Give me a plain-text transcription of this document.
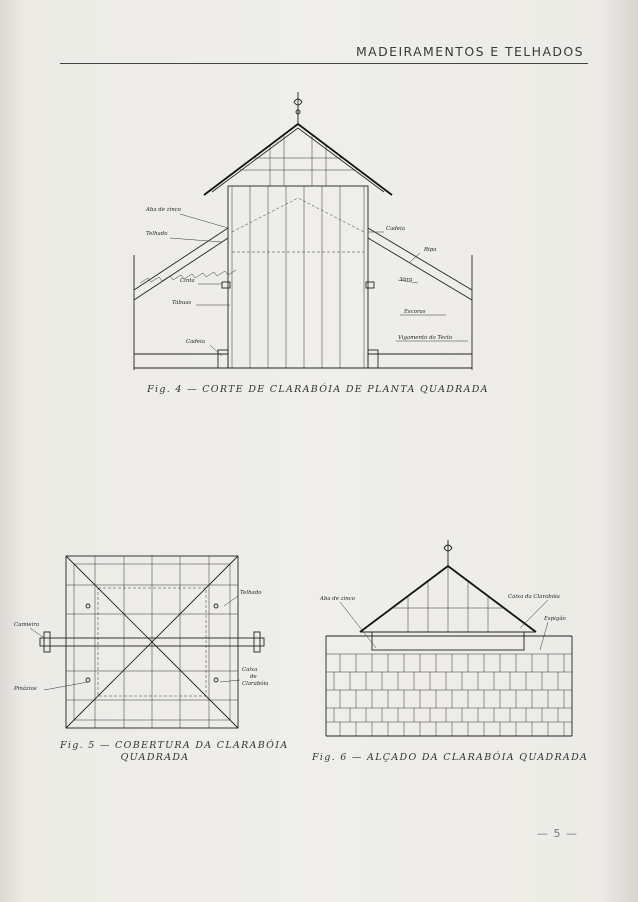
MADEIRAMENTOS E TELHADOS
Aba de zinco
Telhado
Cinta
Tábuas
Cadeia
Cadeia
Ripa
Vara
Escoras
Vigamento do Tecto
Telhado
Cumieira
Pinázios
Caixa
de
Clarabóia
Aba de zinco	Caixa da Clarabóia
Espigão
Fig. 4 — CORTE DE CLARABÓIA DE PLANTA QUADRADA
Fig. 5 — COBERTURA DA CLARABÓIA
QUADRADA	Fig. 6 — ALÇADO DA CLARABÓIA QUADRADA
— 5 —
